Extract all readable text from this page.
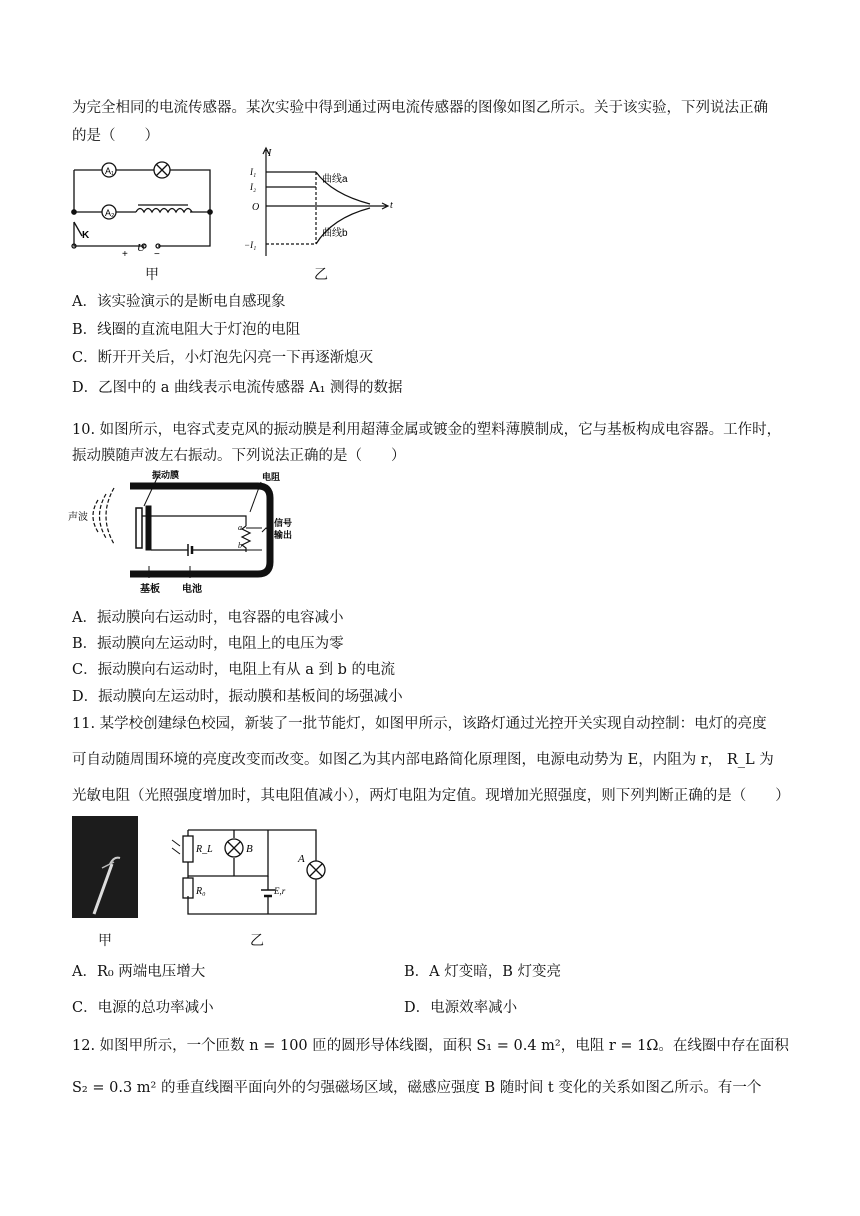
为完全相同的电流传感器。某次实验中得到通过两电流传感器的图像如图乙所示。关于该实验，下列说法正确
的是（　　）
A₁
A₂
K
+
U
−
甲
I
t
I₁
I₂
O
−I₁
曲线a
曲线b
乙
A．该实验演示的是断电自感现象
B．线圈的直流电阻大于灯泡的电阻
C．断开开关后，小灯泡先闪亮一下再逐渐熄灭
D．乙图中的 a 曲线表示电流传感器 A₁ 测得的数据
10. 如图所示，电容式麦克风的振动膜是利用超薄金属或镀金的塑料薄膜制成，它与基板构成电容器。工作时，
振动膜随声波左右振动。下列说法正确的是（　　）
振动膜	电阻
声波	信号
输出
a
b
基板 电池
A．振动膜向右运动时，电容器的电容减小
B．振动膜向左运动时，电阻上的电压为零
C．振动膜向右运动时，电阻上有从 a 到 b 的电流
D．振动膜向左运动时，振动膜和基板间的场强减小
11. 某学校创建绿色校园，新装了一批节能灯，如图甲所示，该路灯通过光控开关实现自动控制：电灯的亮度
可自动随周围环境的亮度改变而改变。如图乙为其内部电路简化原理图，电源电动势为 E，内阻为 r， R_L 为
光敏电阻（光照强度增加时，其电阻值减小），两灯电阻为定值。现增加光照强度，则下列判断正确的是（　　）
甲
R_L	B
A
E,r
R₀
乙
A．R₀ 两端电压增大	B．A 灯变暗，B 灯变亮
C．电源的总功率减小	D．电源效率减小
12. 如图甲所示，一个匝数 n = 100 匝的圆形导体线圈，面积 S₁ = 0.4 m²，电阻 r = 1Ω。在线圈中存在面积
S₂ = 0.3 m² 的垂直线圈平面向外的匀强磁场区域，磁感应强度 B 随时间 t 变化的关系如图乙所示。有一个
